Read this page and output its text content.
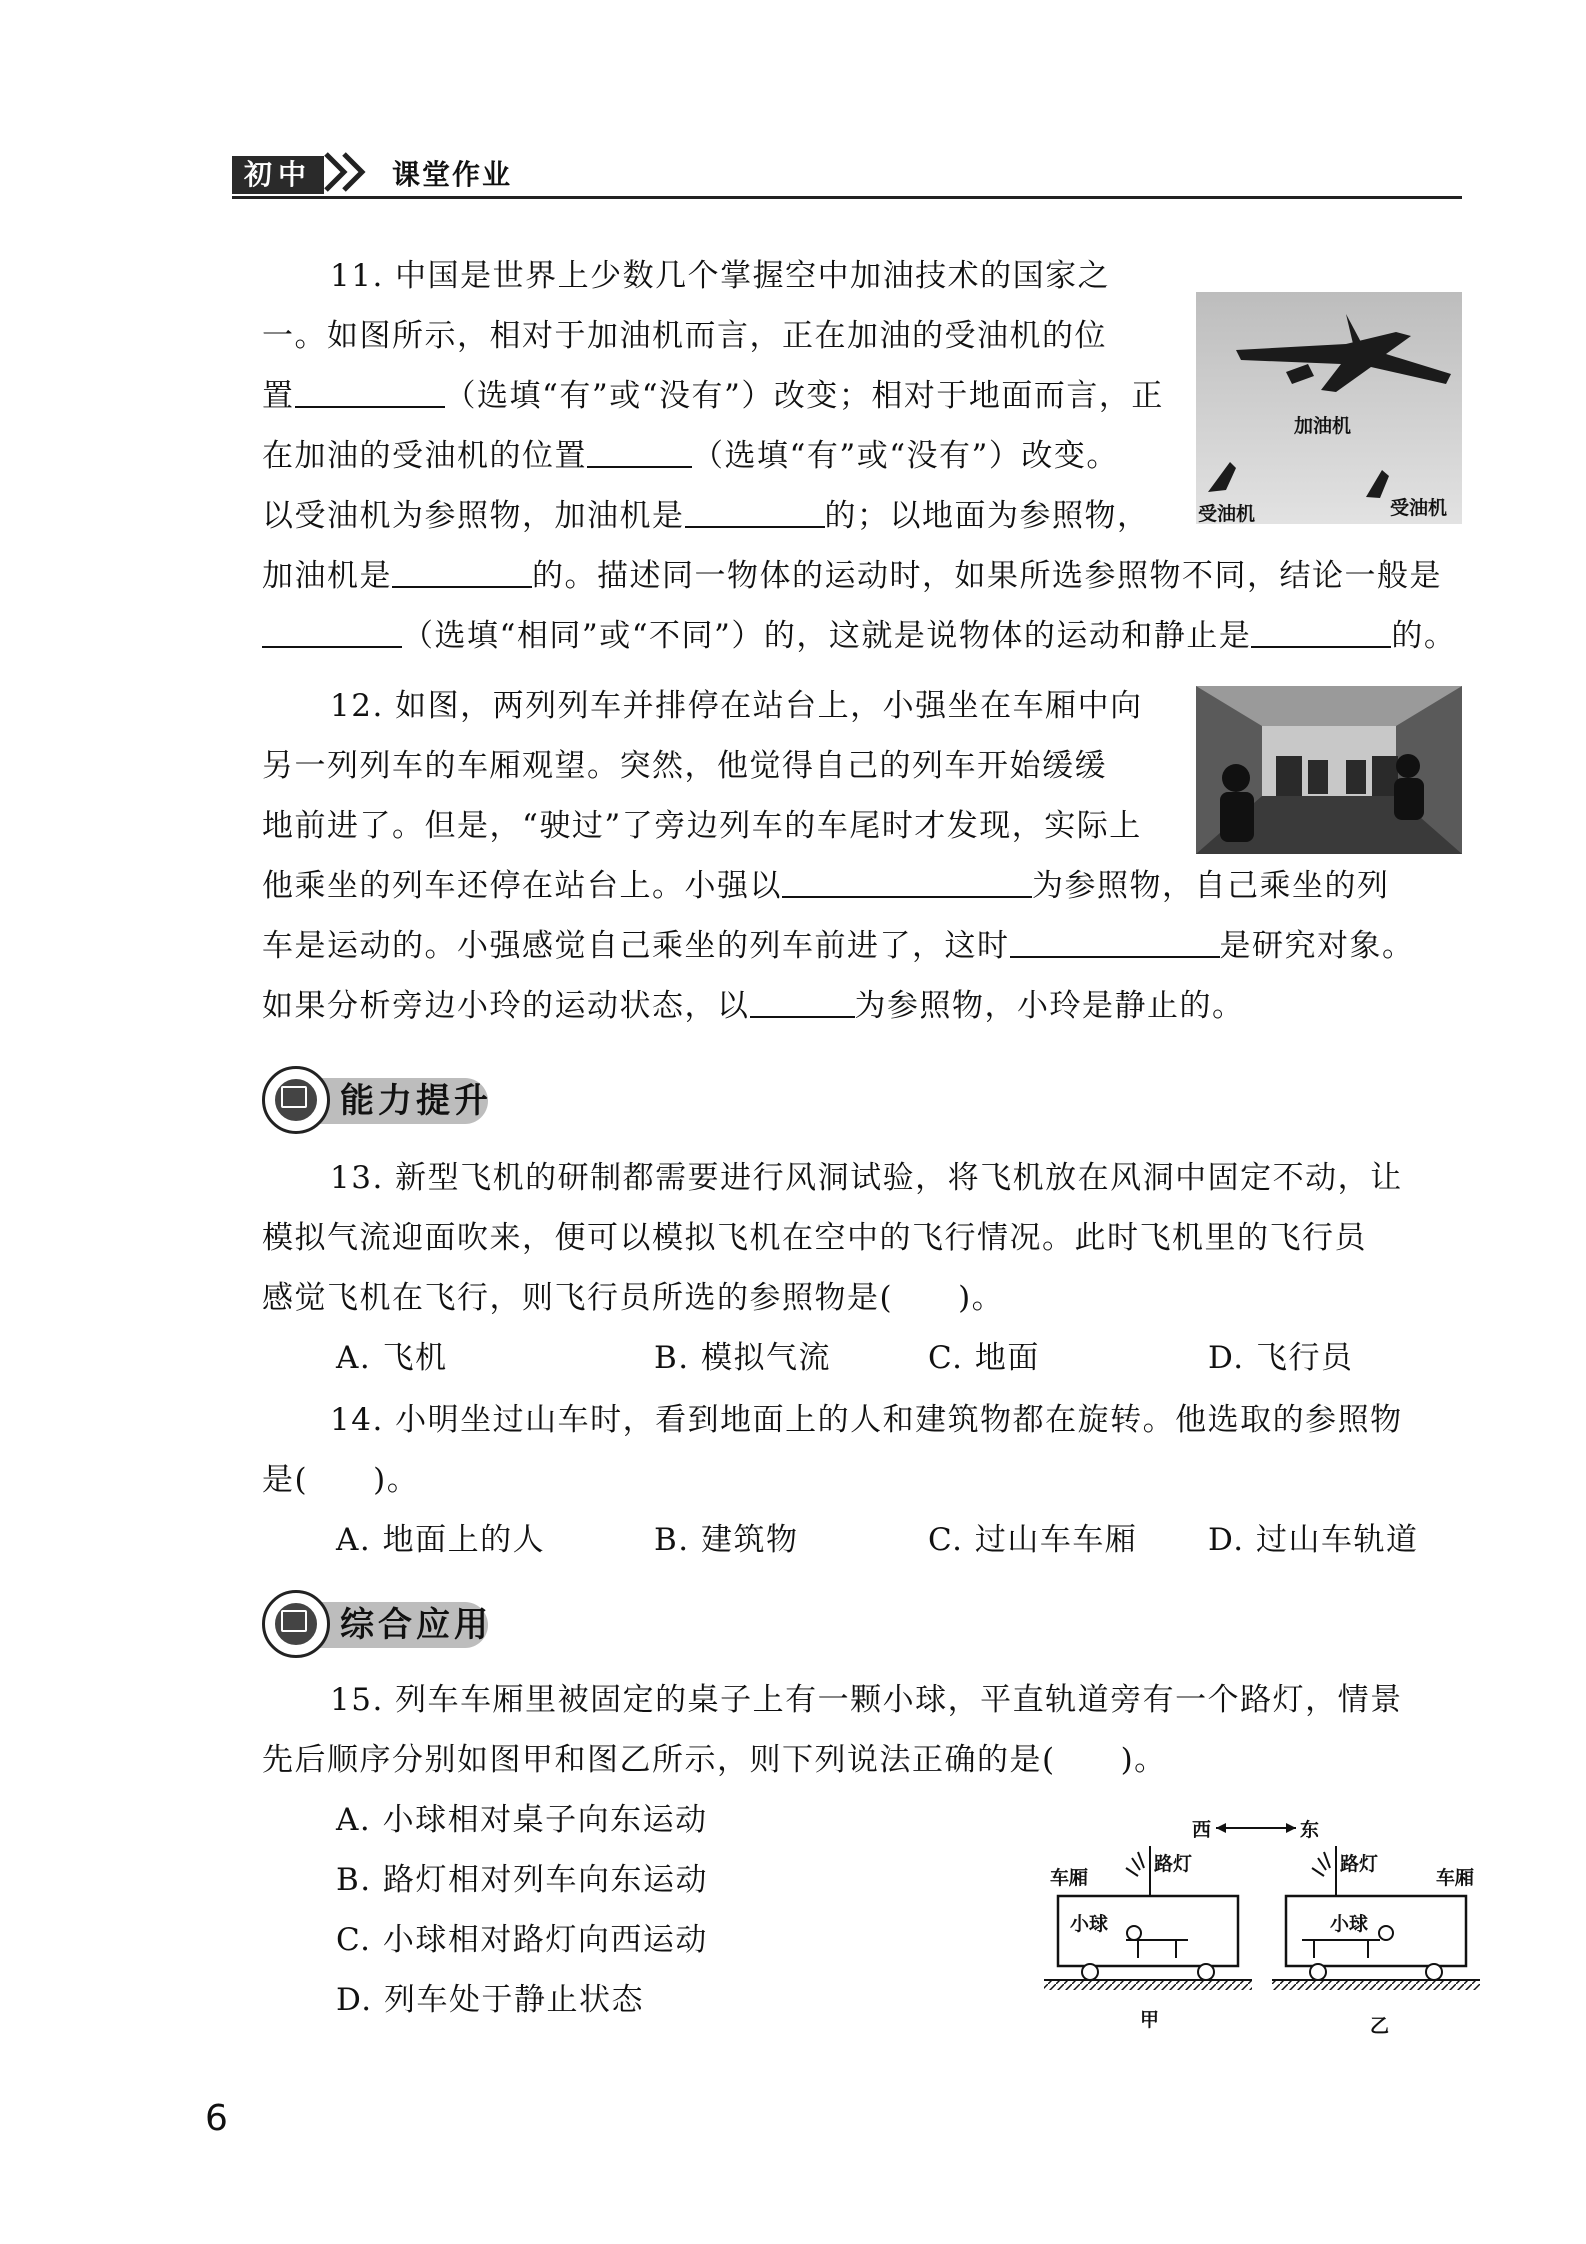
初中	课堂作业
11. 中国是世界上少数几个掌握空中加油技术的国家之
一。如图所示，相对于加油机而言，正在加油的受油机的位
置	（选填“有”或“没有”）改变；相对于地面而言，正
在加油的受油机的位置	（选填“有”或“没有”）改变。
以受油机为参照物，加油机是	的；以地面为参照物，
加油机是	的。描述同一物体的运动时，如果所选参照物不同，结论一般是
（选填“相同”或“不同”）的，这就是说物体的运动和静止是	的。
加油机
受油机	受油机
12. 如图，两列列车并排停在站台上，小强坐在车厢中向
另一列列车的车厢观望。突然，他觉得自己的列车开始缓缓
地前进了。但是，“驶过”了旁边列车的车尾时才发现，实际上
他乘坐的列车还停在站台上。小强以	为参照物，自己乘坐的列
车是运动的。小强感觉自己乘坐的列车前进了，这时	是研究对象。
如果分析旁边小玲的运动状态，以	为参照物，小玲是静止的。
能力提升
13. 新型飞机的研制都需要进行风洞试验，将飞机放在风洞中固定不动，让
模拟气流迎面吹来，便可以模拟飞机在空中的飞行情况。此时飞机里的飞行员
感觉飞机在飞行，则飞行员所选的参照物是(　　)。
A. 飞机	B. 模拟气流	C. 地面	D. 飞行员
14. 小明坐过山车时，看到地面上的人和建筑物都在旋转。他选取的参照物
是(　　)。
A. 地面上的人	B. 建筑物	C. 过山车车厢 D. 过山车轨道
综合应用
15. 列车车厢里被固定的桌子上有一颗小球，平直轨道旁有一个路灯，情景
先后顺序分别如图甲和图乙所示，则下列说法正确的是(　　)。
A. 小球相对桌子向东运动
B. 路灯相对列车向东运动
C. 小球相对路灯向西运动
D. 列车处于静止状态
西	东
路灯
车厢
小球
甲
路灯
车厢
小球
乙
6
